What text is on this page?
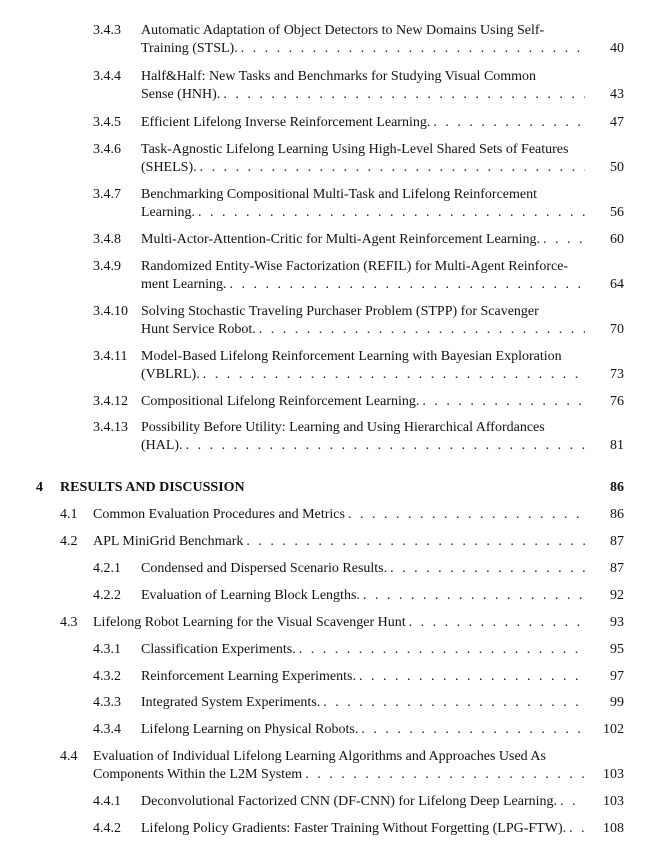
3.4.3 Automatic Adaptation of Object Detectors to New Domains Using Self-
Training (STSL). . . .	40
3.4.4 Half&Half: New Tasks and Benchmarks for Studying Visual Common
Sense (HNH). . . .	43
3.4.5 Efficient Lifelong Inverse Reinforcement Learning. . . .	47
3.4.6 Task-Agnostic Lifelong Learning Using High-Level Shared Sets of Features
(SHELS). . . .	50
3.4.7 Benchmarking Compositional Multi-Task and Lifelong Reinforcement
Learning. . . .	56
3.4.8 Multi-Actor-Attention-Critic for Multi-Agent Reinforcement Learning. . . .	60
3.4.9 Randomized Entity-Wise Factorization (REFIL) for Multi-Agent Reinforce-
ment Learning. . . .	64
3.4.10 Solving Stochastic Traveling Purchaser Problem (STPP) for Scavenger
Hunt Service Robot. . . .	70
3.4.11 Model-Based Lifelong Reinforcement Learning with Bayesian Exploration
(VBLRL). . . .	73
3.4.12 Compositional Lifelong Reinforcement Learning. . . .	76
3.4.13 Possibility Before Utility: Learning and Using Hierarchical Affordances
(HAL). . . .	81
4 RESULTS AND DISCUSSION	86
4.1 Common Evaluation Procedures and Metrics . . .	86
4.2 APL MiniGrid Benchmark . . .	87
4.2.1 Condensed and Dispersed Scenario Results. . . .	87
4.2.2 Evaluation of Learning Block Lengths. . . .	92
4.3 Lifelong Robot Learning for the Visual Scavenger Hunt . . .	93
4.3.1 Classification Experiments. . . .	95
4.3.2 Reinforcement Learning Experiments. . . .	97
4.3.3 Integrated System Experiments. . . .	99
4.3.4 Lifelong Learning on Physical Robots. . . .	102
4.4 Evaluation of Individual Lifelong Learning Algorithms and Approaches Used As
Components Within the L2M System . . .	103
4.4.1 Deconvolutional Factorized CNN (DF-CNN) for Lifelong Deep Learning. . . .	103
4.4.2 Lifelong Policy Gradients: Faster Training Without Forgetting (LPG-FTW). . . .	108
